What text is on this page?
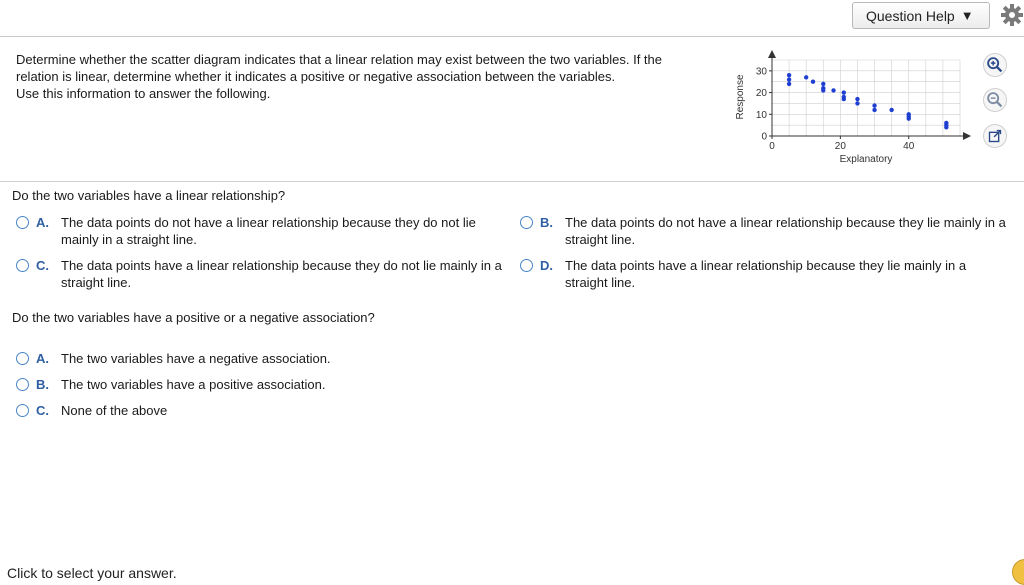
Question Help ▼

Determine whether the scatter diagram indicates that a linear relation may exist between the two variables. If the

relation is linear, determine whether it indicates a positive or negative association between the variables.

Use this information to answer the following.

0	20	40
0
10
20
30
Explanatory
Response
Do the two variables have a linear relationship?
A. The data points do not have a linear relationship because they do not lie mainly in a straight line.
B. The data points do not have a linear relationship because they lie mainly in a straight line.
C. The data points have a linear relationship because they do not lie mainly in a straight line.
D. The data points have a linear relationship because they lie mainly in a straight line.
Do the two variables have a positive or a negative association?
A. The two variables have a negative association.
B. The two variables have a positive association.
C. None of the above
Click to select your answer.
